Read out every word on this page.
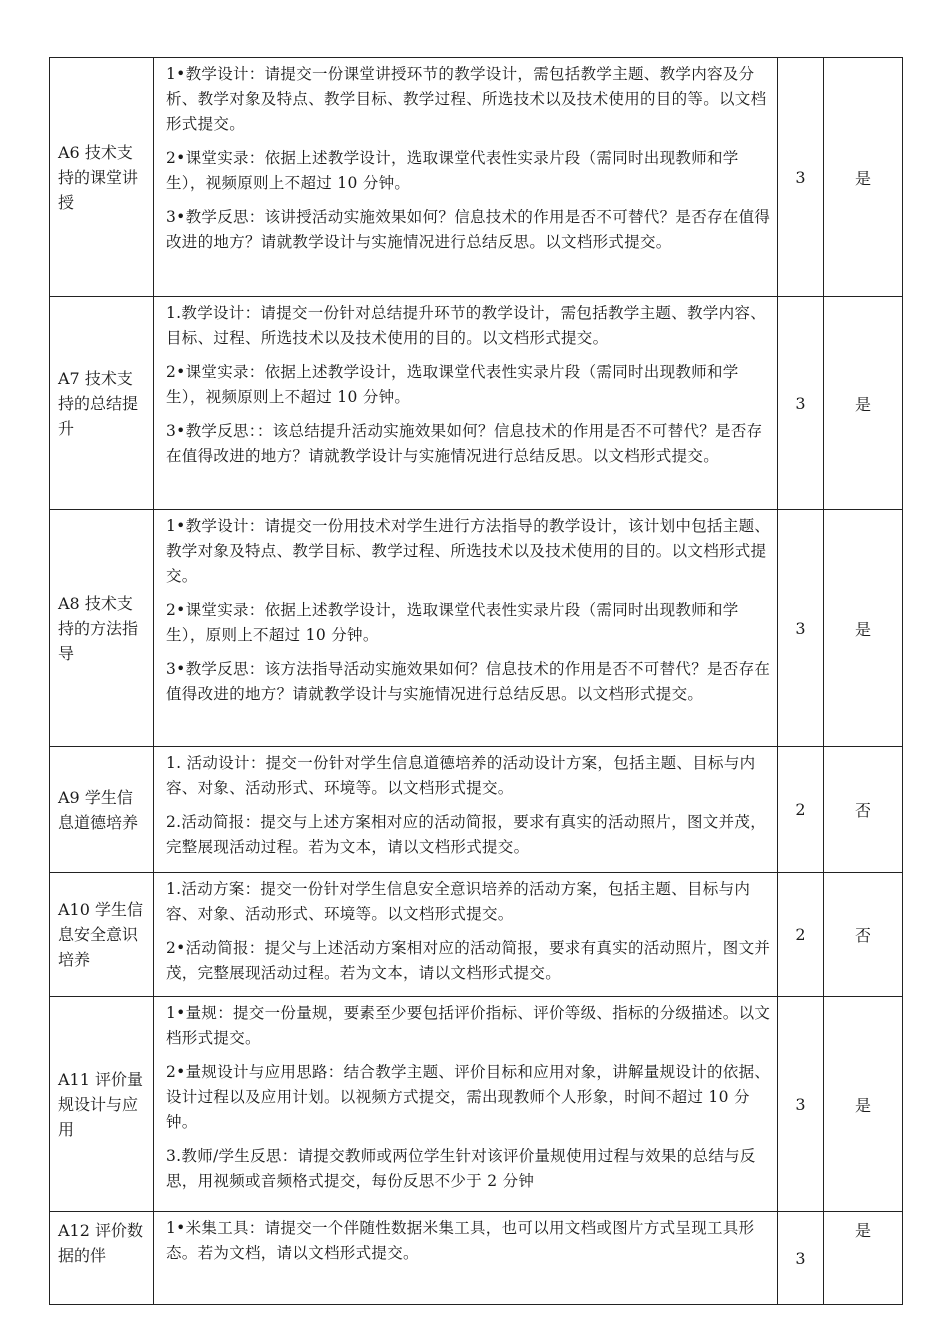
A6 技术支持的课堂讲授	1•教学设计：请提交一份课堂讲授环节的教学设计，需包括教学主题、教学内容及分析、教学对象及特点、教学目标、教学过程、所选技术以及技术使用的目的等。以文档形式提交。

2•课堂实录：依据上述教学设计，选取课堂代表性实录片段（需同时出现教师和学生），视频原则上不超过 10 分钟。

3•教学反思：该讲授活动实施效果如何？信息技术的作用是否不可替代？是否存在值得改进的地方？请就教学设计与实施情况进行总结反思。以文档形式提交。	3	是
A7 技术支持的总结提升	1.教学设计：请提交一份针对总结提升环节的教学设计，需包括教学主题、教学内容、目标、过程、所选技术以及技术使用的目的。以文档形式提交。

2•课堂实录：依据上述教学设计，选取课堂代表性实录片段（需同时出现教师和学生），视频原则上不超过 10 分钟。

3•教学反思：：该总结提升活动实施效果如何？信息技术的作用是否不可替代？是否存在值得改进的地方？请就教学设计与实施情况进行总结反思。以文档形式提交。	3	是
A8 技术支持的方法指导	1•教学设计：请提交一份用技术对学生进行方法指导的教学设计，该计划中包括主题、教学对象及特点、教学目标、教学过程、所选技术以及技术使用的目的。以文档形式提交。

2•课堂实录：依据上述教学设计，选取课堂代表性实录片段（需同时出现教师和学生），原则上不超过 10 分钟。

3•教学反思：该方法指导活动实施效果如何？信息技术的作用是否不可替代？是否存在值得改进的地方？请就教学设计与实施情况进行总结反思。以文档形式提交。	3	是
A9 学生信息道德培养	1. 活动设计：提交一份针对学生信息道德培养的活动设计方案，包括主题、目标与内容、对象、活动形式、环境等。以文档形式提交。

2.活动简报：提交与上述方案相对应的活动简报，要求有真实的活动照片，图文并茂，完整展现活动过程。若为文本，请以文档形式提交。	2	否
A10 学生信息安全意识培养	1.活动方案：提交一份针对学生信息安全意识培养的活动方案，包括主题、目标与内容、对象、活动形式、环境等。以文档形式提交。

2•活动简报：提父与上述活动方案相对应的活动简报，要求有真实的活动照片，图文并茂，完整展现活动过程。若为文本，请以文档形式提交。	2	否
A11 评价量规设计与应用	1•量规：提交一份量规，要素至少要包括评价指标、评价等级、指标的分级描述。以文档形式提交。

2•量规设计与应用思路：结合教学主题、评价目标和应用对象，讲解量规设计的依据、设计过程以及应用计划。以视频方式提交，需出现教师个人形象，时间不超过 10 分钟。

3.教师/学生反思：请提交教师或两位学生针对该评价量规使用过程与效果的总结与反思，用视频或音频格式提交，每份反思不少于 2 分钟	3	是
A12 评价数据的伴	1•米集工具：请提交一个伴随性数据米集工具，也可以用文档或图片方式呈现工具形态。若为文档，请以文档形式提交。	3	是
